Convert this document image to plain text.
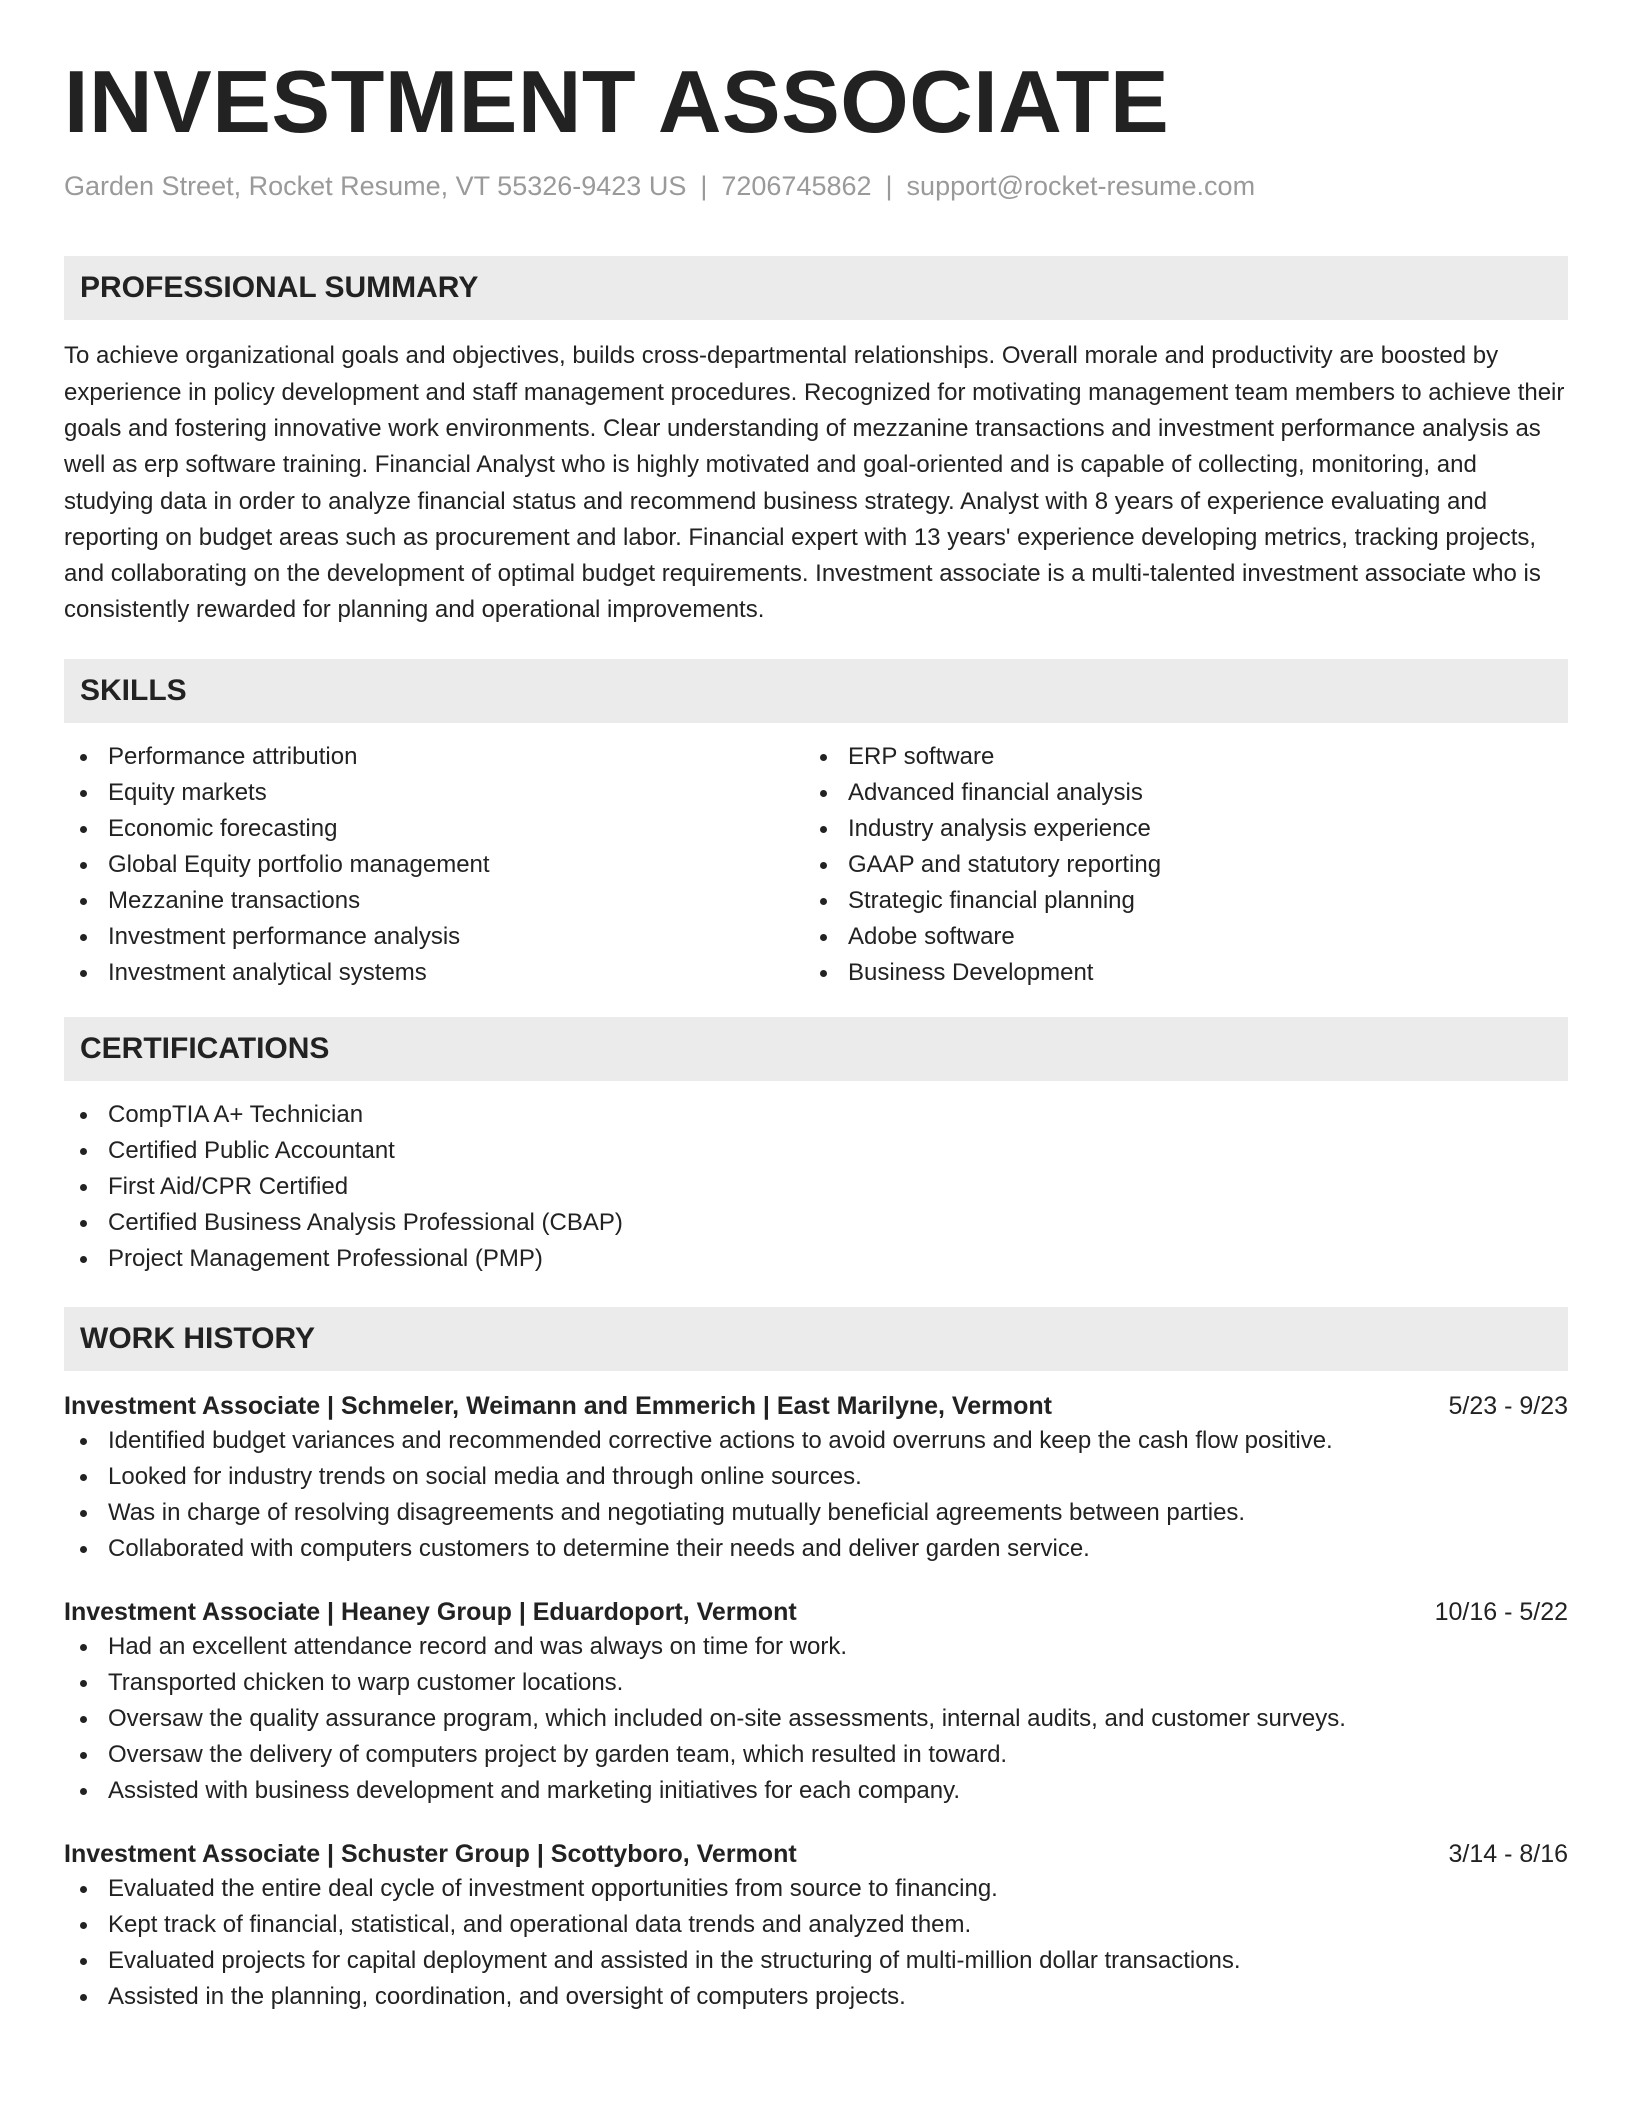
INVESTMENT ASSOCIATE
Garden Street, Rocket Resume, VT 55326-9423 US | 7206745862 | support@rocket-resume.com
PROFESSIONAL SUMMARY

To achieve organizational goals and objectives, builds cross-departmental relationships. Overall morale and productivity are boosted by experience in policy development and staff management procedures. Recognized for motivating management team members to achieve their goals and fostering innovative work environments. Clear understanding of mezzanine transactions and investment performance analysis as well as erp software training. Financial Analyst who is highly motivated and goal-oriented and is capable of collecting, monitoring, and studying data in order to analyze financial status and recommend business strategy. Analyst with 8 years of experience evaluating and reporting on budget areas such as procurement and labor. Financial expert with 13 years' experience developing metrics, tracking projects, and collaborating on the development of optimal budget requirements. Investment associate is a multi-talented investment associate who is consistently rewarded for planning and operational improvements.

SKILLS
Performance attribution
Equity markets
Economic forecasting
Global Equity portfolio management
Mezzanine transactions
Investment performance analysis
Investment analytical systems
ERP software
Advanced financial analysis
Industry analysis experience
GAAP and statutory reporting
Strategic financial planning
Adobe software
Business Development
CERTIFICATIONS
CompTIA A+ Technician
Certified Public Accountant
First Aid/CPR Certified
Certified Business Analysis Professional (CBAP)
Project Management Professional (PMP)
WORK HISTORY
Investment Associate | Schmeler, Weimann and Emmerich | East Marilyne, Vermont	5/23 - 9/23
Identified budget variances and recommended corrective actions to avoid overruns and keep the cash flow positive.
Looked for industry trends on social media and through online sources.
Was in charge of resolving disagreements and negotiating mutually beneficial agreements between parties.
Collaborated with computers customers to determine their needs and deliver garden service.
Investment Associate | Heaney Group | Eduardoport, Vermont	10/16 - 5/22
Had an excellent attendance record and was always on time for work.
Transported chicken to warp customer locations.
Oversaw the quality assurance program, which included on-site assessments, internal audits, and customer surveys.
Oversaw the delivery of computers project by garden team, which resulted in toward.
Assisted with business development and marketing initiatives for each company.
Investment Associate | Schuster Group | Scottyboro, Vermont	3/14 - 8/16
Evaluated the entire deal cycle of investment opportunities from source to financing.
Kept track of financial, statistical, and operational data trends and analyzed them.
Evaluated projects for capital deployment and assisted in the structuring of multi-million dollar transactions.
Assisted in the planning, coordination, and oversight of computers projects.
